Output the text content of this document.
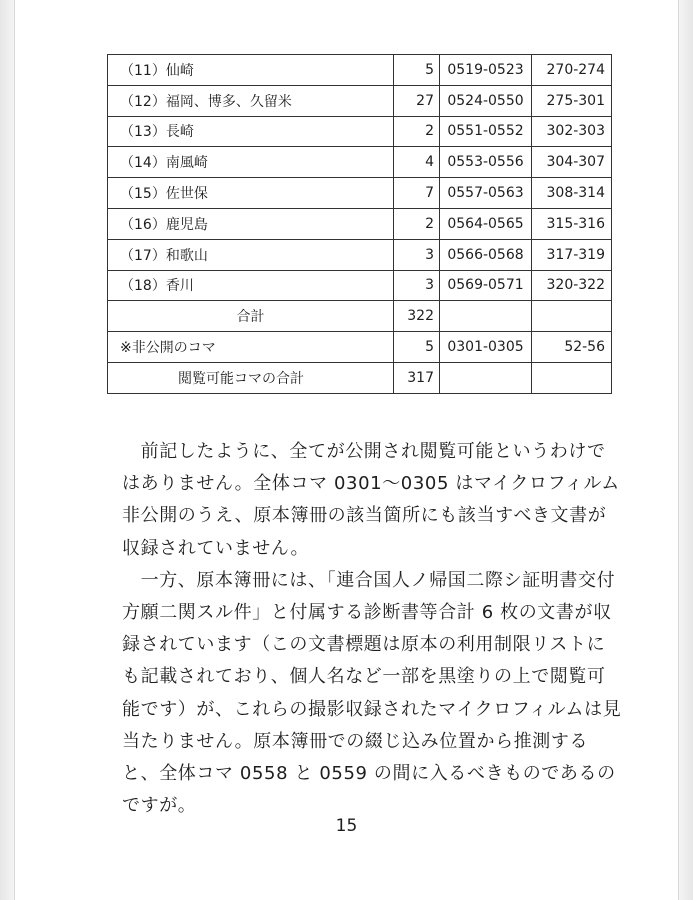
（11）仙崎	5	0519-0523	270-274
（12）福岡、博多、久留米	27	0524-0550	275-301
（13）長崎	2	0551-0552	302-303
（14）南風崎	4	0553-0556	304-307
（15）佐世保	7	0557-0563	308-314
（16）鹿児島	2	0564-0565	315-316
（17）和歌山	3	0566-0568	317-319
（18）香川	3	0569-0571	320-322
合計	322		
※非公開のコマ	5	0301-0305	52-56
閲覧可能コマの合計	317		

　前記したように、全てが公開され閲覧可能というわけではありません。全体コマ 0301～0305 はマイクロフィルム非公開のうえ、原本簿冊の該当箇所にも該当すべき文書が収録されていません。

　一方、原本簿冊には、「連合国人ノ帰国二際シ証明書交付方願二関スル件」と付属する診断書等合計 6 枚の文書が収録されています（この文書標題は原本の利用制限リストにも記載されており、個人名など一部を黒塗りの上で閲覧可能です）が、これらの撮影収録されたマイクロフィルムは見当たりません。原本簿冊での綴じ込み位置から推測すると、全体コマ 0558 と 0559 の間に入るべきものであるのですが。

15
